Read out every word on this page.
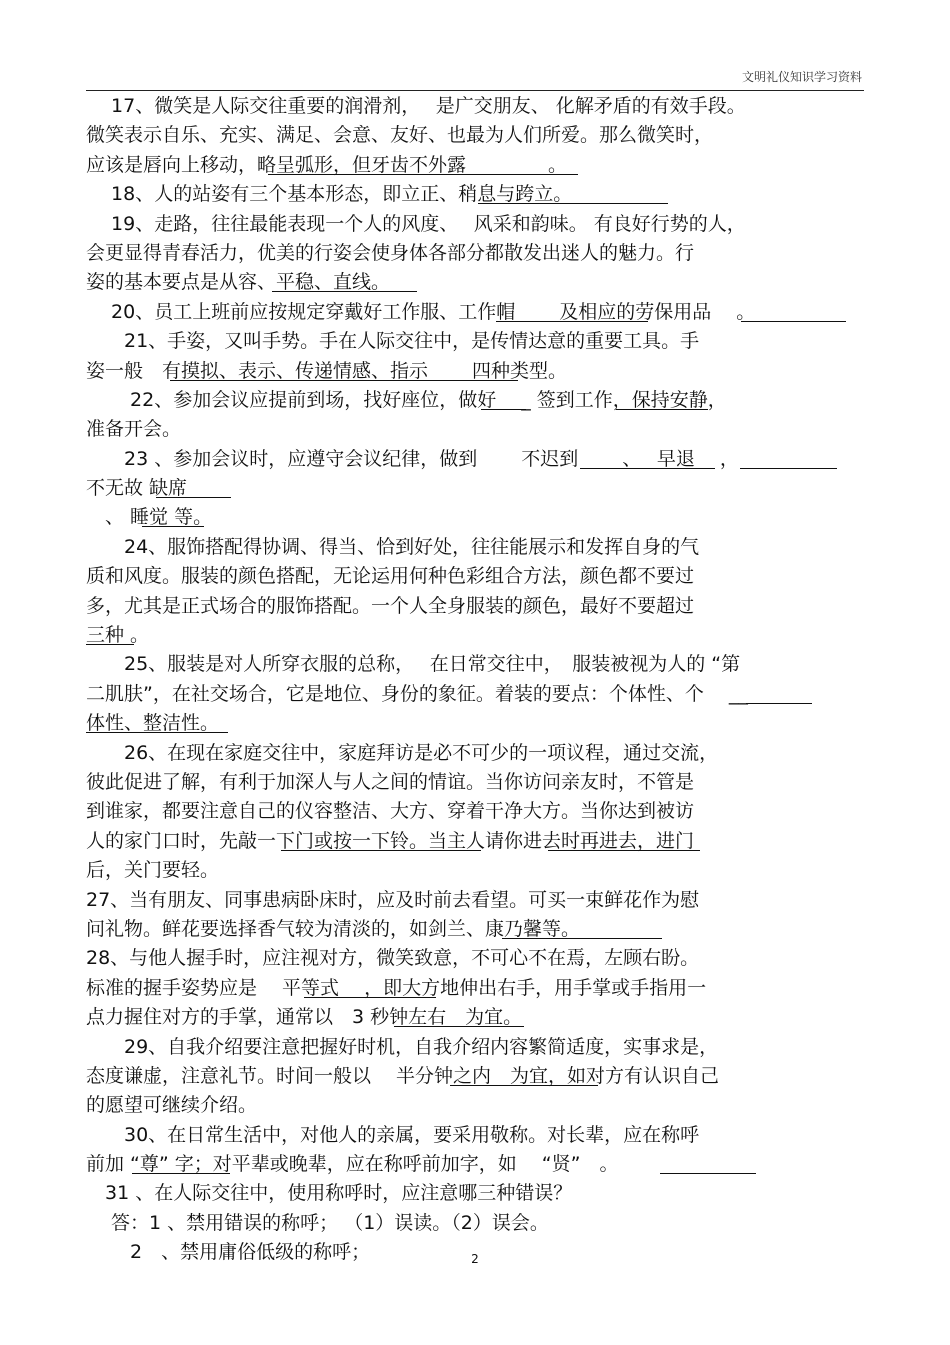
文明礼仪知识学习资料
　 17、微笑是人际交往重要的润滑剂，　 是广交朋友、 化解矛盾的有效手段。
微笑表示自乐、充实、满足、会意、友好、也最为人们所爱。那么微笑时，
应该是唇向上移动，略呈弧形，但牙齿不外露　　　　 。
　 18、人的站姿有三个基本形态，即立正、稍息与跨立。
　 19、走路，往往最能表现一个人的风度、　 风采和韵味。 有良好行势的人，
会更显得青春活力，优美的行姿会使身体各部分都散发出迷人的魅力。行
姿的基本要点是从容、平稳、直线。
　 20、员工上班前应按规定穿戴好工作服、工作帽　　 及相应的劳保用品　 。
　　21、手姿，又叫手势。手在人际交往中，是传情达意的重要工具。手
姿一般　有摸拟、表示、传递情感、指示　　 四种类型。
　　 22、参加会议应提前到场，找好座位，做好　 _ 签到工作，保持安静，
准备开会。
　　23 、参加会议时，应遵守会议纪律，做到　　 不迟到　　 、　 早退　 ，
不无故 缺席
　、 睡觉 等。
　　24、服饰搭配得协调、得当、恰到好处，往往能展示和发挥自身的气
质和风度。服装的颜色搭配，无论运用何种色彩组合方法，颜色都不要过
多，尤其是正式场合的服饰搭配。一个人全身服装的颜色，最好不要超过
三种 。
　　25、服装是对人所穿衣服的总称，　 在日常交往中，　服装被视为人的 “第
二肌肤”，在社交场合，它是地位、身份的象征。着装的要点：个体性、个　 __
体性、整洁性。
　　26、在现在家庭交往中，家庭拜访是必不可少的一项议程，通过交流，
彼此促进了解，有利于加深人与人之间的情谊。当你访问亲友时，不管是
到谁家，都要注意自己的仪容整洁、大方、穿着干净大方。当你达到被访
人的家门口时，先敲一下门或按一下铃。当主人请你进去时再进去，进门
后，关门要轻。
27、当有朋友、同事患病卧床时，应及时前去看望。可买一束鲜花作为慰
问礼物。鲜花要选择香气较为清淡的，如剑兰、康乃馨等。
28、与他人握手时，应注视对方，微笑致意，不可心不在焉，左顾右盼。
标准的握手姿势应是　 平等式　 ，即大方地伸出右手，用手掌或手指用一
点力握住对方的手掌，通常以　3 秒钟左右　为宜。
　　29、自我介绍要注意把握好时机，自我介绍内容繁简适度，实事求是，
态度谦虚，注意礼节。时间一般以　 半分钟之内　为宜，如对方有认识自己
的愿望可继续介绍。
　　30、在日常生活中，对他人的亲属，要采用敬称。对长辈，应在称呼
前加 “尊” 字；对平辈或晚辈，应在称呼前加字，如　 “贤”　。
　31 、在人际交往中，使用称呼时，应注意哪三种错误？
　 答：1 、禁用错误的称呼； （1）误读。（2）误会。
　　 2　、禁用庸俗低级的称呼；	2
